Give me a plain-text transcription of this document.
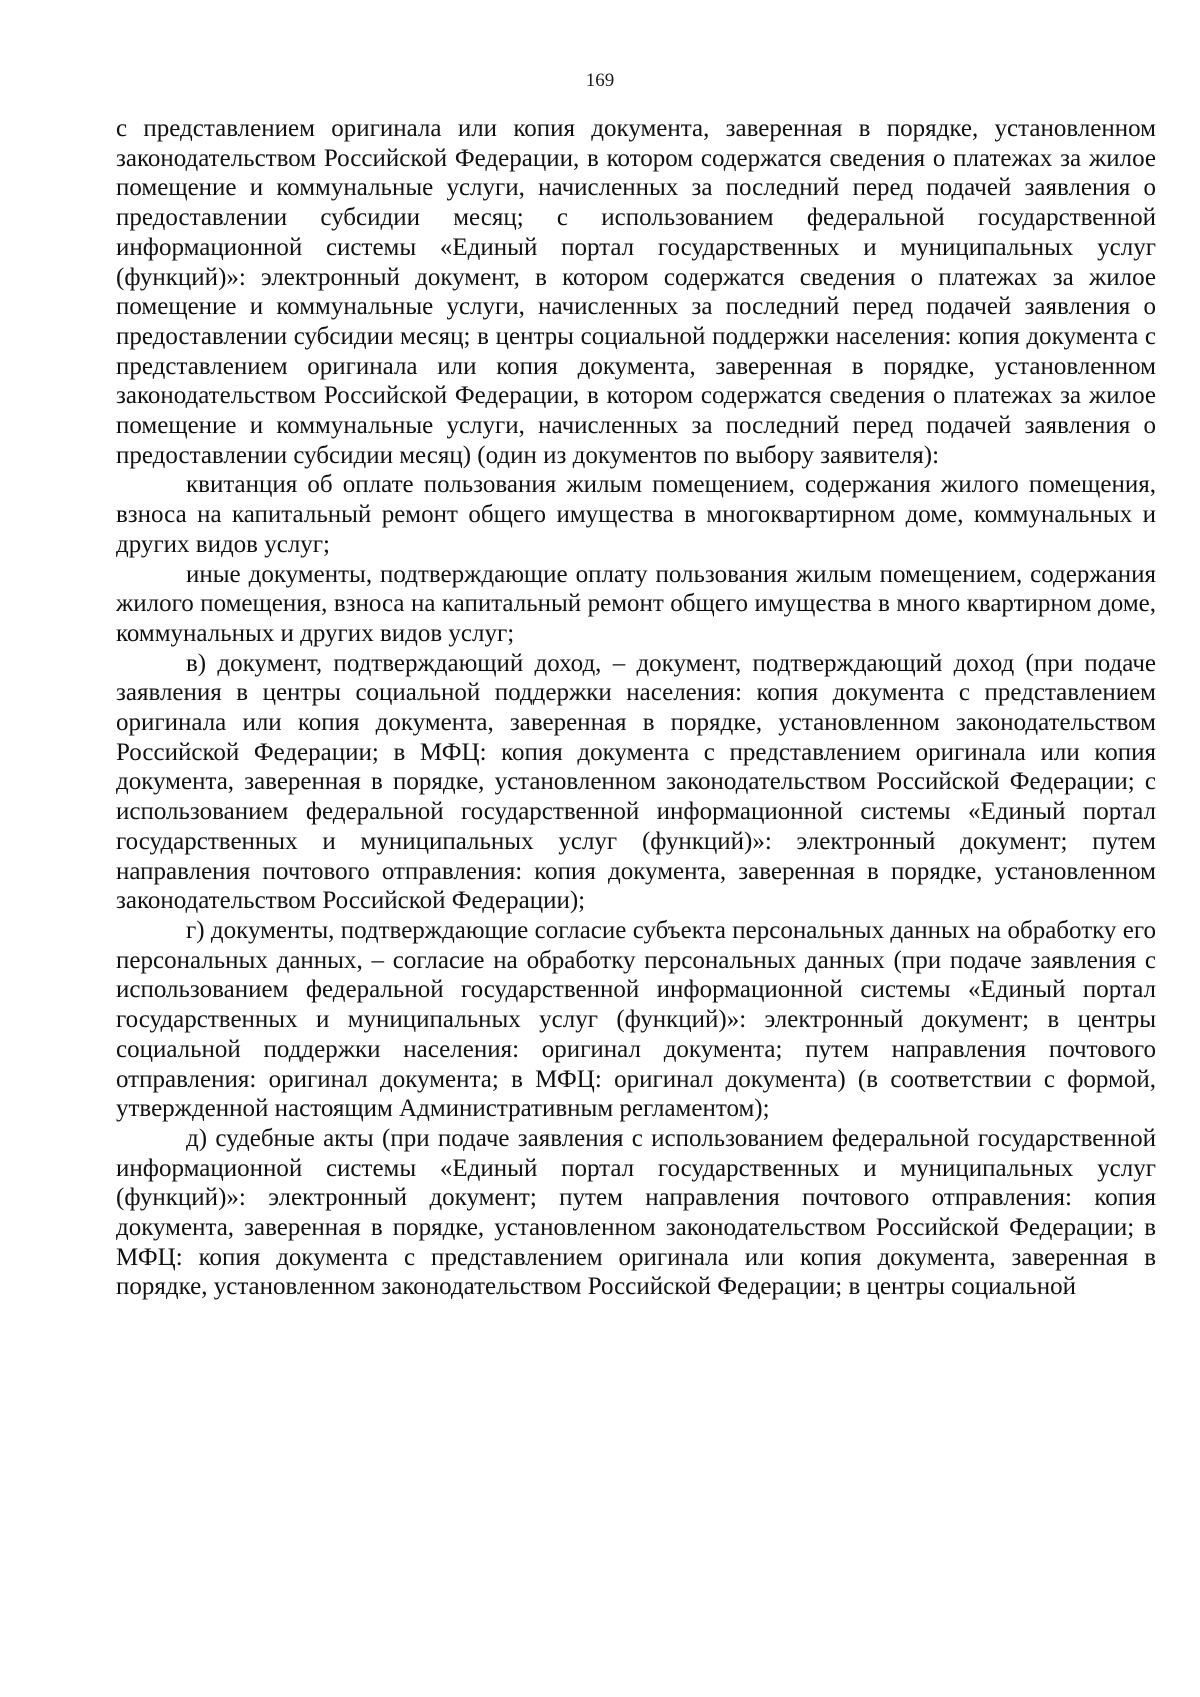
169

с представлением оригинала или копия документа, заверенная в порядке, установленном законодательством Российской Федерации, в котором содержатся сведения о платежах за жилое помещение и коммунальные услуги, начисленных за последний перед подачей заявления о предоставлении субсидии месяц; с использованием федеральной государственной информационной системы «Единый портал государственных и муниципальных услуг (функций)»: электронный документ, в котором содержатся сведения о платежах за жилое помещение и коммунальные услуги, начисленных за последний перед подачей заявления о предоставлении субсидии месяц; в центры социальной поддержки населения: копия документа с представлением оригинала или копия документа, заверенная в порядке, установленном законодательством Российской Федерации, в котором содержатся сведения о платежах за жилое помещение и коммунальные услуги, начисленных за последний перед подачей заявления о предоставлении субсидии месяц) (один из документов по выбору заявителя):

квитанция об оплате пользования жилым помещением, содержания жилого помещения, взноса на капитальный ремонт общего имущества в многоквартирном доме, коммунальных и других видов услуг;

иные документы, подтверждающие оплату пользования жилым помещением, содержания жилого помещения, взноса на капитальный ремонт общего имущества в много квартирном доме, коммунальных и других видов услуг;

в) документ, подтверждающий доход, – документ, подтверждающий доход (при подаче заявления в центры социальной поддержки населения: копия документа с представлением оригинала или копия документа, заверенная в порядке, установленном законодательством Российской Федерации; в МФЦ: копия документа с представлением оригинала или копия документа, заверенная в порядке, установленном законодательством Российской Федерации; с использованием федеральной государственной информационной системы «Единый портал государственных и муниципальных услуг (функций)»: электронный документ; путем направления почтового отправления: копия документа, заверенная в порядке, установленном законодательством Российской Федерации);

г) документы, подтверждающие согласие субъекта персональных данных на обработку его персональных данных, – согласие на обработку персональных данных (при подаче заявления с использованием федеральной государственной информационной системы «Единый портал государственных и муниципальных услуг (функций)»: электронный документ; в центры социальной поддержки населения: оригинал документа; путем направления почтового отправления: оригинал документа; в МФЦ: оригинал документа) (в соответствии с формой, утвержденной настоящим Административным регламентом);

д) судебные акты (при подаче заявления с использованием федеральной государственной информационной системы «Единый портал государственных и муниципальных услуг (функций)»: электронный документ; путем направления почтового отправления: копия документа, заверенная в порядке, установленном законодательством Российской Федерации; в МФЦ: копия документа с представлением оригинала или копия документа, заверенная в порядке, установленном законодательством Российской Федерации; в центры социальной
